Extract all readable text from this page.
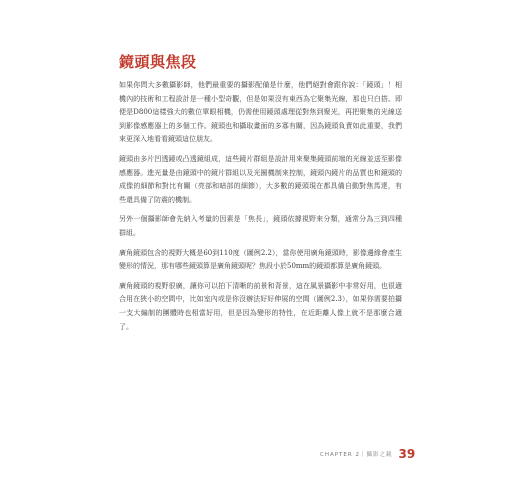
鏡頭與焦段

如果你問大多數攝影師，他們最重要的攝影配備是什麼，他們絕對會跟你說：「鏡頭」！相機內的技術和工程設計是一種小型奇觀，但是如果沒有東西為它聚集光線，那也只白搭。即便是D800這樣強大的數位單眼相機，仍需使用鏡頭處理從對焦到聚光，再把聚集的光線送到影像感應器上的多個工作。鏡頭也和攝取畫面的多寡有關，因為鏡頭負責如此重要，我們來更深入地看看鏡頭這位朋友。

鏡頭由多片凹透鏡或凸透鏡組成，這些鏡片群組是設計用來聚集鏡頭前端的光線並送至影像感應器。進光量是由鏡頭中的鏡片群組以及光圈機制來控制，鏡頭內鏡片的品質也和鏡頭的成像的細節和對比有關（亮部和暗部的細節），大多數的鏡頭現在都具備自動對焦馬達，有些還具備了防震的機制。

另外一個攝影師會先納入考量的因素是「焦長」，鏡頭依據視野來分類，通常分為三到四種群組。

廣角鏡頭包含的視野大概是60到110度（圖例2.2），當你使用廣角鏡頭時，影像邊緣會產生變形的情況，那有哪些鏡頭算是廣角鏡頭呢？焦段小於50mm的鏡頭都算是廣角鏡頭。

廣角鏡頭的視野很廣，讓你可以拍下清晰的前景和背景，這在風景攝影中非常好用，也很適合用在狹小的空間中，比如室內或是你沒辦法好好伸展的空間（圖例2.3），如果你需要拍攝一支大編制的團體時也相當好用，但是因為變形的特性，在近距離人像上就不是那麼合適了。

CHAPTER 2｜攝影之鏡 39
